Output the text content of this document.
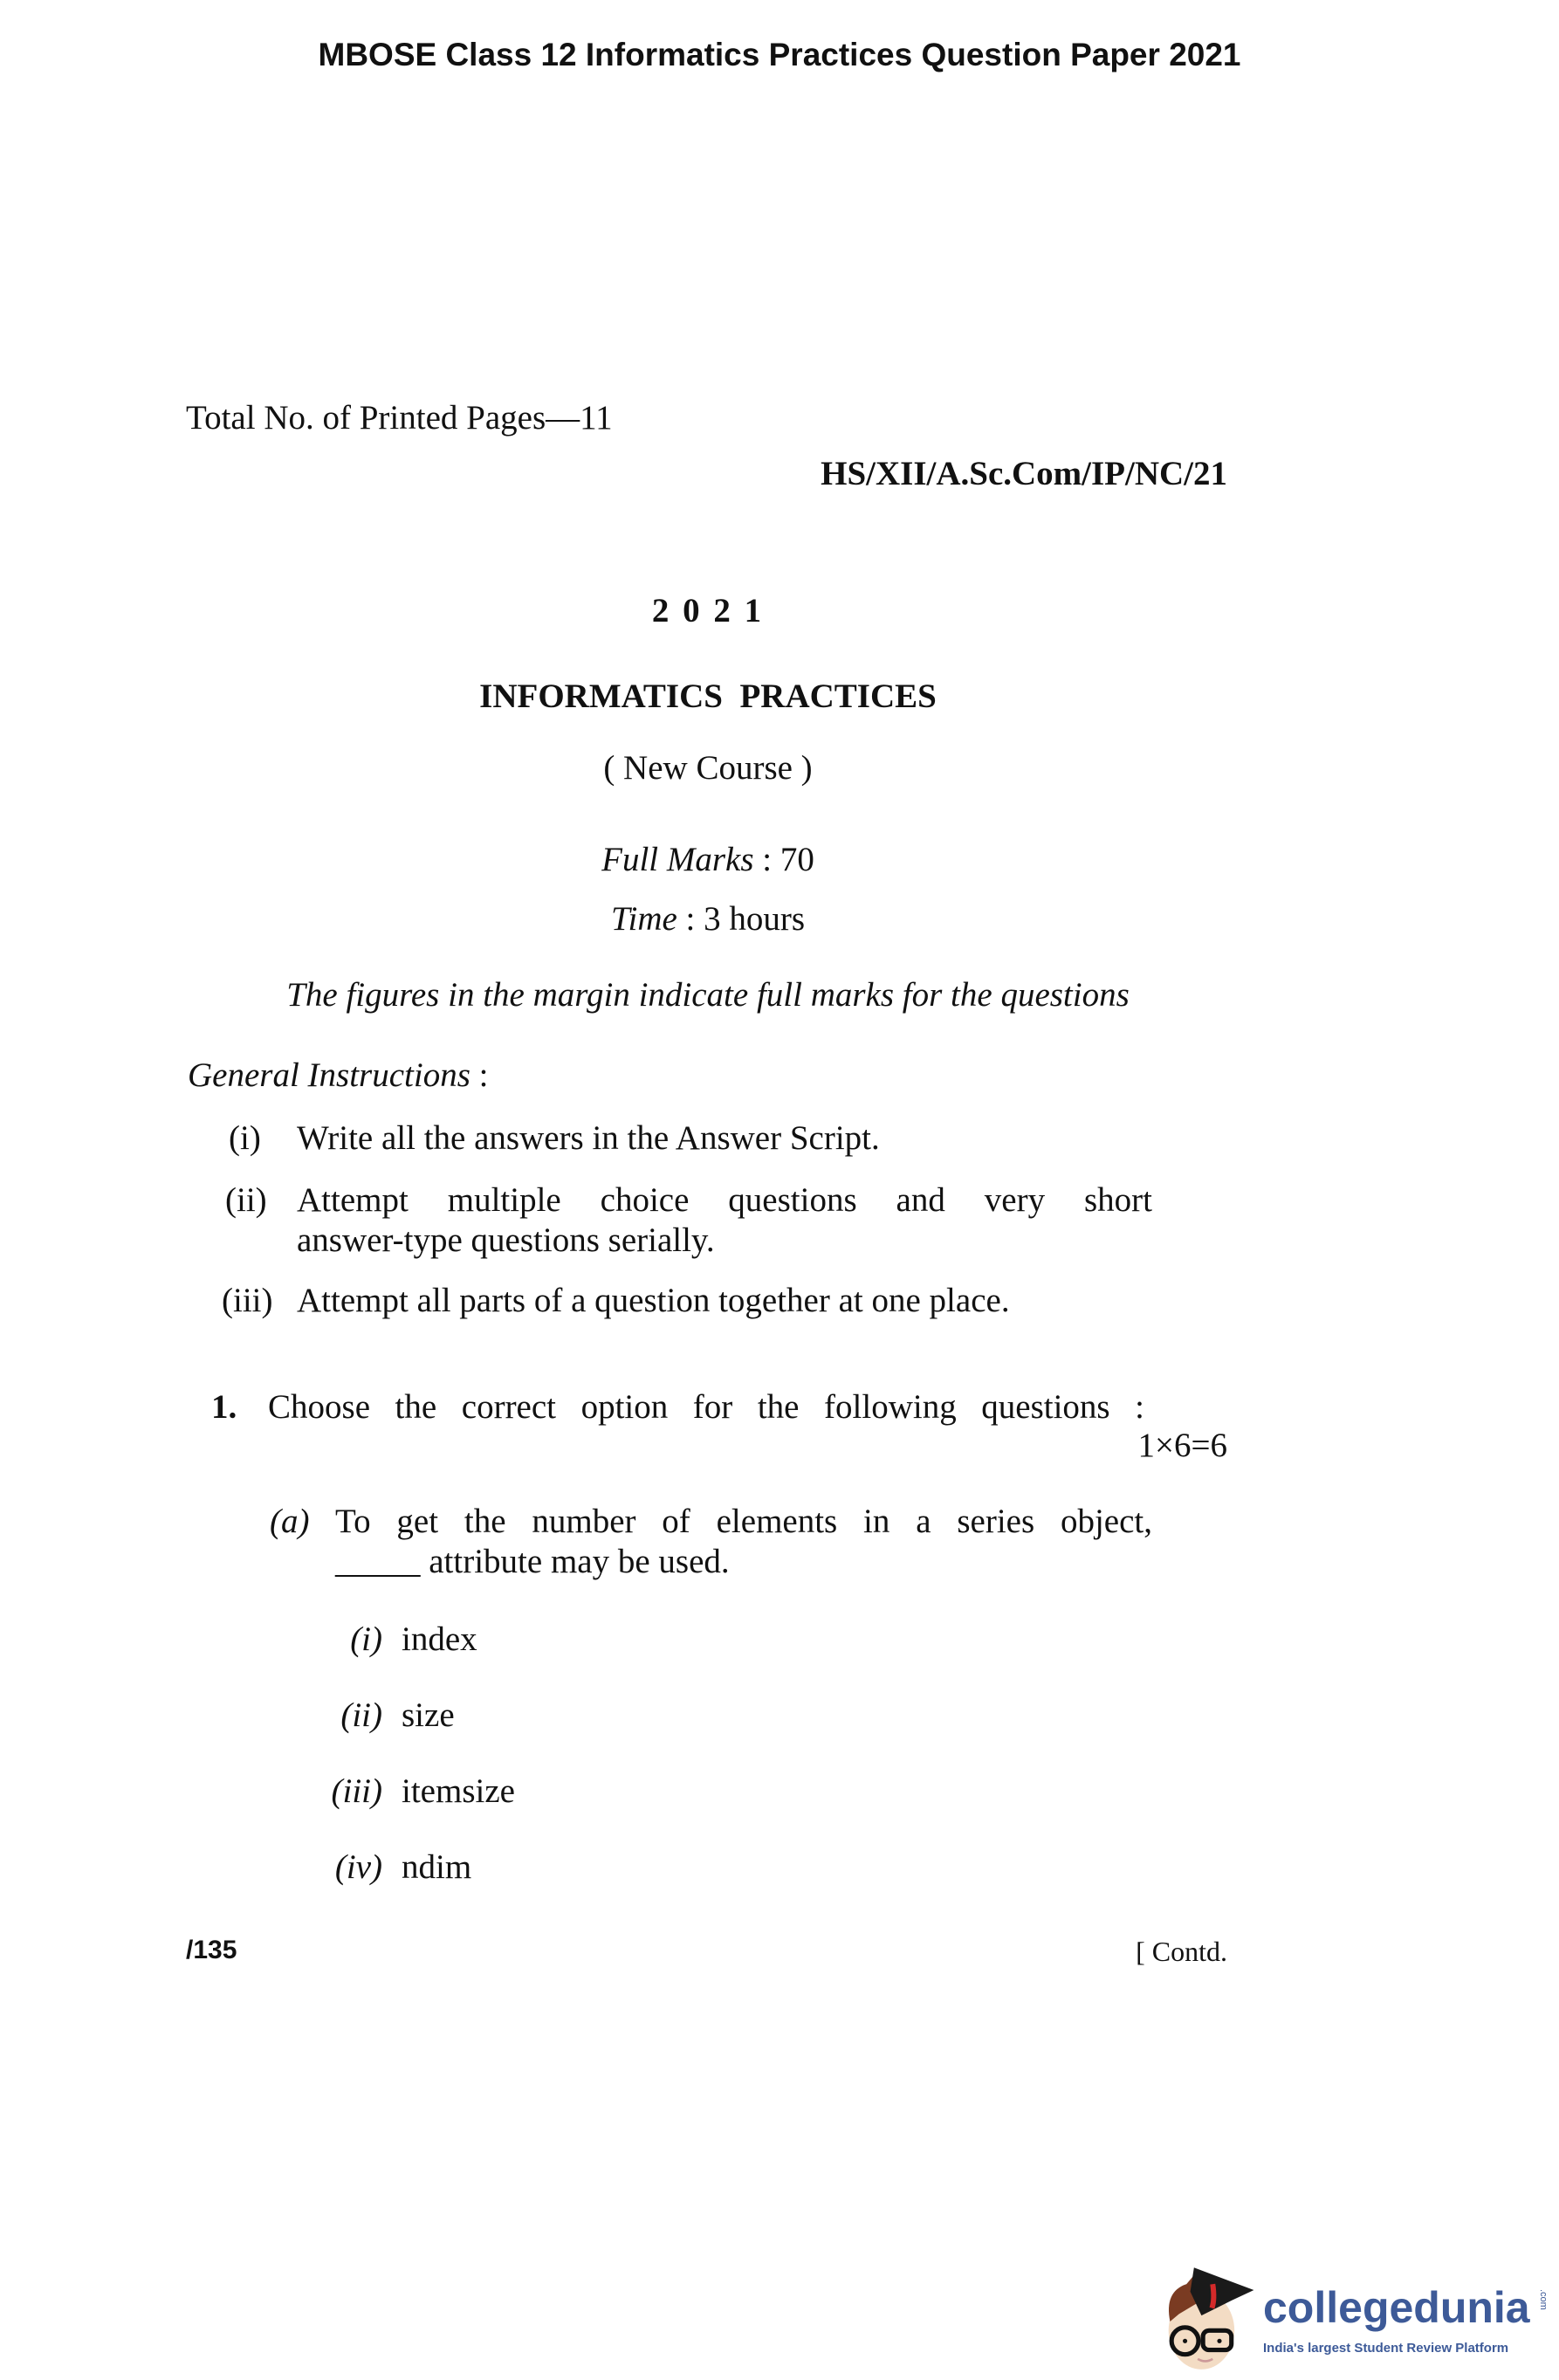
MBOSE Class 12 Informatics Practices Question Paper 2021
Total No. of Printed Pages—11
HS/XII/A.Sc.Com/IP/NC/21
2 0 2 1
INFORMATICS  PRACTICES
( New Course )
Full Marks : 70
Time : 3 hours
The figures in the margin indicate full marks for the questions
General Instructions :
(i) Write all the answers in the Answer Script.
(ii) Attempt multiple choice questions and very short
answer-type questions serially.
(iii) Attempt all parts of a question together at one place.
1. Choose the correct option for the following questions :
1×6=6
(a) To get the number of elements in a series object,
_____ attribute may be used.
(i) index
(ii) size
(iii) itemsize
(iv) ndim
/135	[ Contd.
collegedunia .com
India's largest Student Review Platform
